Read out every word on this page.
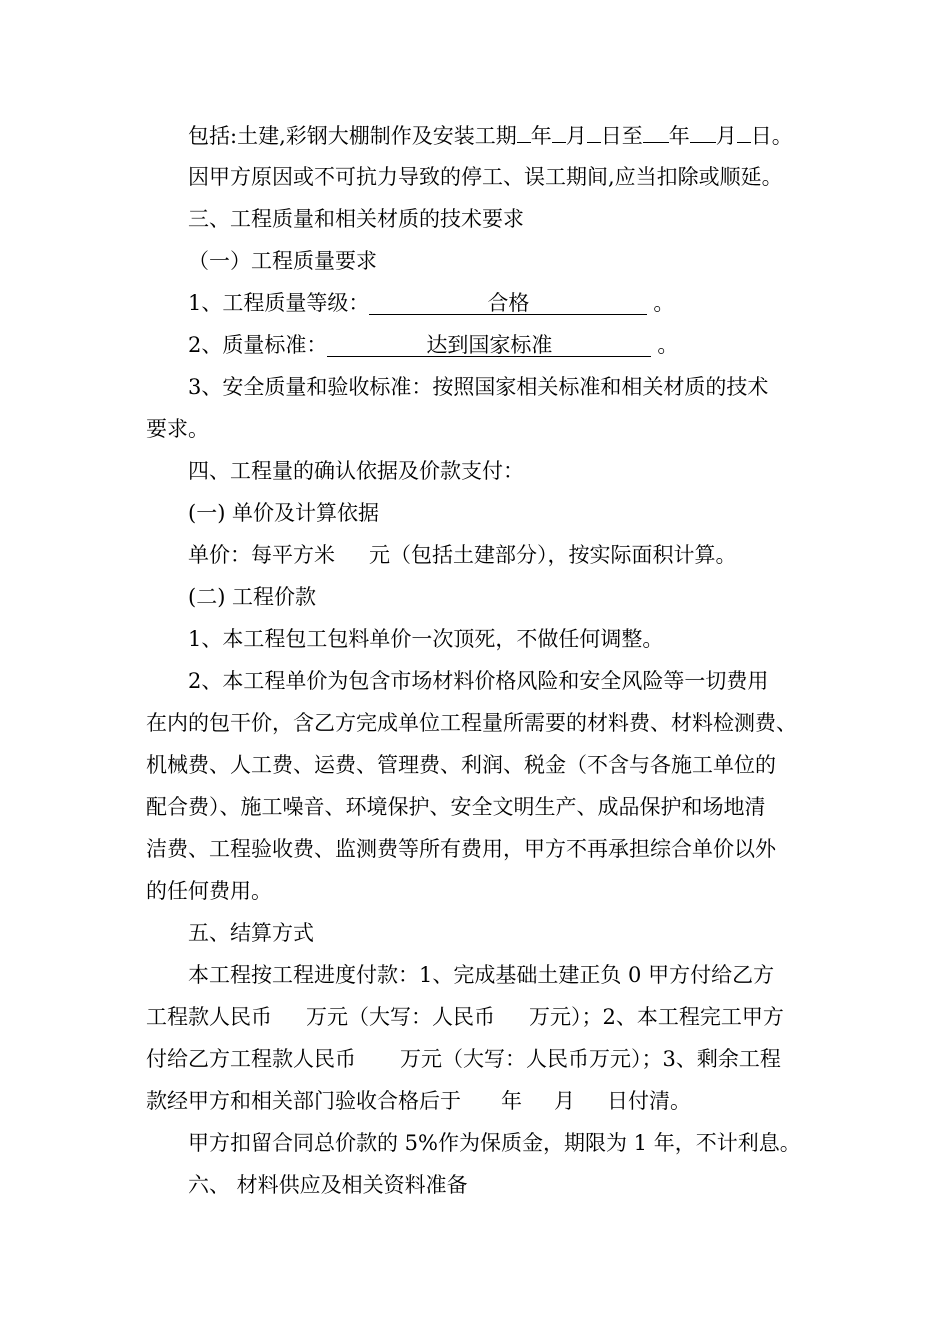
包括:土建,彩钢大棚制作及安装工期 年 月 日至 年 月 日。
因甲方原因或不可抗力导致的停工、误工期间,应当扣除或顺延。
三、工程质量和相关材质的技术要求
（一）工程质量要求
1、工程质量等级：	合格	。
2、质量标准：	达到国家标准	。
3、安全质量和验收标准：按照国家相关标准和相关材质的技术
要求。
四、工程量的确认依据及价款支付：
(一) 单价及计算依据
单价：每平方米 元（包括土建部分），按实际面积计算。
(二) 工程价款
1、本工程包工包料单价一次顶死，不做任何调整。
2、本工程单价为包含市场材料价格风险和安全风险等一切费用
在内的包干价，含乙方完成单位工程量所需要的材料费、材料检测费、
机械费、人工费、运费、管理费、利润、税金（不含与各施工单位的
配合费）、施工噪音、环境保护、安全文明生产、成品保护和场地清
洁费、工程验收费、监测费等所有费用，甲方不再承担综合单价以外
的任何费用。
五、结算方式
本工程按工程进度付款：1、完成基础土建正负 0 甲方付给乙方
工程款人民币 万元（大写：人民币 万元）；2、本工程完工甲方
付给乙方工程款人民币 万元（大写：人民币万元）；3、剩余工程
款经甲方和相关部门验收合格后于 年 月 日付清。
甲方扣留合同总价款的 5%作为保质金，期限为 1 年，不计利息。
六、 材料供应及相关资料准备
